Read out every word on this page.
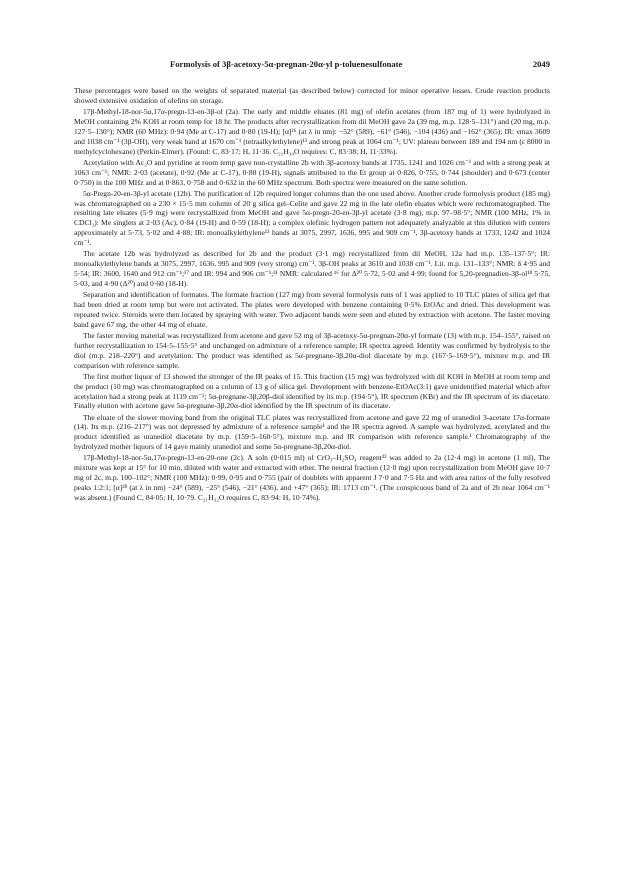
Formolysis of 3β-acetoxy-5α-pregnan-20α-yl p-toluenesulfonate	2049

These percentages were based on the weights of separated material (as described below) corrected for minor operative losses. Crude reaction products showed extensive oxidation of olefins on storage.

17β-Methyl-18-nor-5α,17α-pregn-13-en-3β-ol (2a). The early and middle eluates (81 mg) of olefin acetates (from 187 mg of 1) were hydrolyzed in MeOH containing 2% KOH at room temp for 18 hr. The products after recrystallization from dil MeOH gave 2a (39 mg, m.p. 128·5–131°) and (20 mg, m.p. 127·5–130°); NMR (60 MHz): 0·94 (Me at C-17) and 0·80 (19-H); [α]²⁶ (at λ in nm): −52° (589), −61° (546), −104 (436) and −162° (365); IR: νmax 3609 and 1038 cm⁻¹ (3β-OH), very weak band at 1670 cm⁻¹ (tetraalkylethylene)¹³ and strong peak at 1064 cm⁻¹; UV: plateau between 189 and 194 nm (ε 8000 in methylcyclohexane) (Perkin-Elmer). (Found: C, 83·17; H, 11·36. C₂₁H₃₄O requires: C, 83·38; H, 11·33%).

Acetylation with Ac₂O and pyridine at room temp gave non-crystalline 2b with 3β-acetoxy bands at 1735, 1241 and 1026 cm⁻¹ and with a strong peak at 1063 cm⁻¹; NMR: 2·03 (acetate), 0·92 (Me at C-17), 0·80 (19-H), signals attributed to the Et group at 0·826, 0·755, 0·744 (shoulder) and 0·673 (center 0·750) in the 100 MHz and at 0·863, 0·758 and 0·632 in the 60 MHz spectrum. Both spectra were measured on the same solution.

5α-Pregn-20-en-3β-yl acetate (12b). The purification of 12b required longer columns than the one used above. Another crude formolysis product (185 mg) was chromatographed on a 230 × 15·5 mm column of 20 g silica gel–Celite and gave 22 mg in the late olefin eluates which were rechromatographed. The resulting late eluates (5·9 mg) were recrystallized from MeOH and gave 5α-pregn-20-en-3β-yl acetate (3·8 mg), m.p. 97–98·5°; NMR (100 MHz, 1% in CDCl₃): Me singlets at 2·03 (Ac), 0·84 (19-H) and 0·59 (18-H); a complex olefinic hydrogen pattern not adequately analyzable at this dilution with centers approximately at 5·73, 5·02 and 4·88; IR: monoalkylethylene¹³ bands at 3075, 2997, 1636, 995 and 909 cm⁻¹, 3β-acetoxy bands at 1733, 1242 and 1024 cm⁻¹.

The acetate 12b was hydrolyzed as described for 2b and the product (3·1 mg) recrystallized from dil MeOH, 12a had m.p. 135–137·5°; IR: monoalkylethylene bands at 3075, 2997, 1636, 995 and 909 (very strong) cm⁻¹, 3β-OH peaks at 3610 and 1038 cm⁻¹. Lit. m.p. 131–133°; NMR: δ 4·95 and 5·54; IR: 3600, 1640 and 912 cm⁻¹;¹⁷ and IR: 994 and 906 cm⁻¹;³¹ NMR: calculated ¹⁶ for Δ²⁰ 5·72, 5·02 and 4·99; found for 5,20-pregnadien-3β-ol¹⁸ 5·75, 5·03, and 4·90 (Δ²⁰) and 0·60 (18-H).

Separation and identification of formates. The formate fraction (127 mg) from several formolysis runs of 1 was applied to 10 TLC plates of silica gel that had been dried at room temp but were not activated. The plates were developed with benzene containing 0·5% EtOAc and dried. This development was repeated twice. Steroids were then located by spraying with water. Two adjacent bands were seen and eluted by extraction with acetone. The faster moving band gave 67 mg, the other 44 mg of eluate.

The faster moving material was recrystallized from acetone and gave 52 mg of 3β-acetoxy-5α-pregnan-20α-yl formate (13) with m.p. 154–155°, raised on further recrystallization to 154·5–155·5° and unchanged on admixture of a reference sample; IR spectra agreed. Identity was confirmed by hydrolysis to the diol (m.p. 218–220°) and acetylation. The product was identified as 5α-pregnane-3β,20α-diol diacetate by m.p. (167·5–169·5°), mixture m.p. and IR comparison with reference sample.

The first mother liquor of 13 showed the stronger of the IR peaks of 15. This fraction (15 mg) was hydrolyzed with dil KOH in MeOH at room temp and the product (10 mg) was chromatographed on a column of 13 g of silica gel. Development with benzene-EtOAc(3:1) gave unidentified material which after acetylation had a strong peak at 1119 cm⁻¹; 5α-pregnane-3β,20β-diol identified by its m.p. (194·5°), IR spectrum (KBr) and the IR spectrum of its diacetate. Finally elution with acetone gave 5α-pregnane-3β,20α-diol identified by the IR spectrum of its diacetate.

The eluate of the slower moving band from the original TLC plates was recrystallized from acetone and gave 22 mg of uranediol 3-acetate 17α-formate (14). Its m.p. (216–217°) was not depressed by admixture of a reference sample¹ and the IR spectra agreed. A sample was hydrolyzed, acetylated and the product identified as uranediol diacetate by m.p. (159·5–160·5°), mixture m.p. and IR comparison with reference sample.¹ Chromatography of the hydrolyzed mother liquors of 14 gave mainly uranediol and some 5α-pregnane-3β,20α-diol.

17β-Methyl-18-nor-5α,17α-pregn-13-en-20-one (2c). A soln (0·015 ml) of CrO₃–H₂SO₄ reagent³² was added to 2a (12·4 mg) in acetone (1 ml). The mixture was kept at 15° for 10 min, diluted with water and extracted with ether. The neutral fraction (12·0 mg) upon recrystallization from MeOH gave 10·7 mg of 2c, m.p. 100–102°; NMR (100 MHz): 0·99, 0·95 and 0·755 (pair of doublets with apparent J 7·0 and 7·5 Hz and with area ratios of the fully resolved peaks 1:2:1; [α]²⁸ (at λ in nm) −24° (589), −25° (546), −21° (436), and +47° (365); IR: 1713 cm⁻¹. (The conspicuous band of 2a and of 2b near 1064 cm⁻¹ was absent.) (Found C, 84·05: H, 10·79. C₂₁H₃₂O requires C, 83·94: H, 10·74%).
